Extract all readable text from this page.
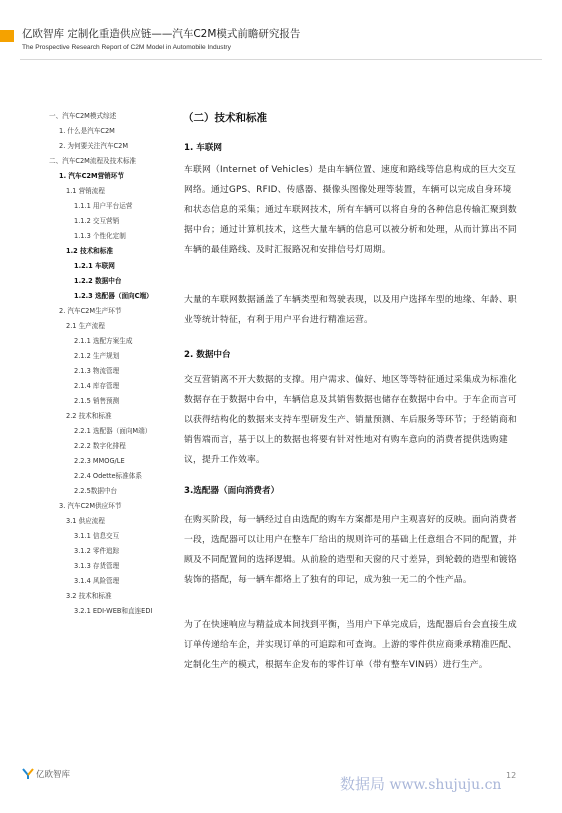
亿欧智库 定制化重造供应链——汽车C2M模式前瞻研究报告
The Prospective Research Report of C2M Model in Automobile Industry
一、汽车C2M模式综述
1. 什么是汽车C2M
2. 为何要关注汽车C2M
二、汽车C2M流程及技术标准
1. 汽车C2M营销环节
1.1 营销流程
1.1.1 用户平台运营
1.1.2 交互营销
1.1.3 个性化定制
1.2 技术和标准
1.2.1 车联网
1.2.2 数据中台
1.2.3 选配器（面向C端）
2. 汽车C2M生产环节
2.1 生产流程
2.1.1 选配方案生成
2.1.2 生产规划
2.1.3 物流管理
2.1.4 库存管理
2.1.5 销售预测
2.2 技术和标准
2.2.1 选配器（面向M端）
2.2.2 数字化排程
2.2.3 MMOG/LE
2.2.4 Odette标准体系
2.2.5数据中台
3. 汽车C2M供应环节
3.1 供应流程
3.1.1 信息交互
3.1.2 零件追踪
3.1.3 存货管理
3.1.4 风险管理
3.2 技术和标准
3.2.1 EDI-WEB和直连EDI
（二）技术和标准
1. 车联网

车联网（Internet of Vehicles）是由车辆位置、速度和路线等信息构成的巨大交互网络。通过GPS、RFID、传感器、摄像头图像处理等装置，车辆可以完成自身环境和状态信息的采集；通过车联网技术，所有车辆可以将自身的各种信息传输汇聚到数据中台；通过计算机技术，这些大量车辆的信息可以被分析和处理，从而计算出不同车辆的最佳路线、及时汇报路况和安排信号灯周期。

大量的车联网数据涵盖了车辆类型和驾驶表现，以及用户选择车型的地缘、年龄、职业等统计特征，有利于用户平台进行精准运营。

2. 数据中台

交互营销离不开大数据的支撑。用户需求、偏好、地区等等特征通过采集成为标准化数据存在于数据中台中，车辆信息及其销售数据也储存在数据中台中。于车企而言可以获得结构化的数据来支持车型研发生产、销量预测、车后服务等环节；于经销商和销售端而言，基于以上的数据也将要有针对性地对有购车意向的消费者提供选购建议，提升工作效率。

3.选配器（面向消费者）

在购买阶段，每一辆经过自由选配的购车方案都是用户主观喜好的反映。面向消费者一段，选配器可以让用户在整车厂给出的规则许可的基础上任意组合不同的配置，并顾及不同配置间的选择逻辑。从前脸的造型和天窗的尺寸差异，到轮毂的造型和镀铬装饰的搭配，每一辆车都烙上了独有的印记，成为独一无二的个性产品。

为了在快速响应与精益成本间找到平衡，当用户下单完成后，选配器后台会直接生成订单传递给车企，并实现订单的可追踪和可查询。上游的零件供应商秉承精准匹配、定制化生产的模式，根据车企发布的零件订单（带有整车VIN码）进行生产。

亿欧智库	数据局 www.shujuju.cn
12
